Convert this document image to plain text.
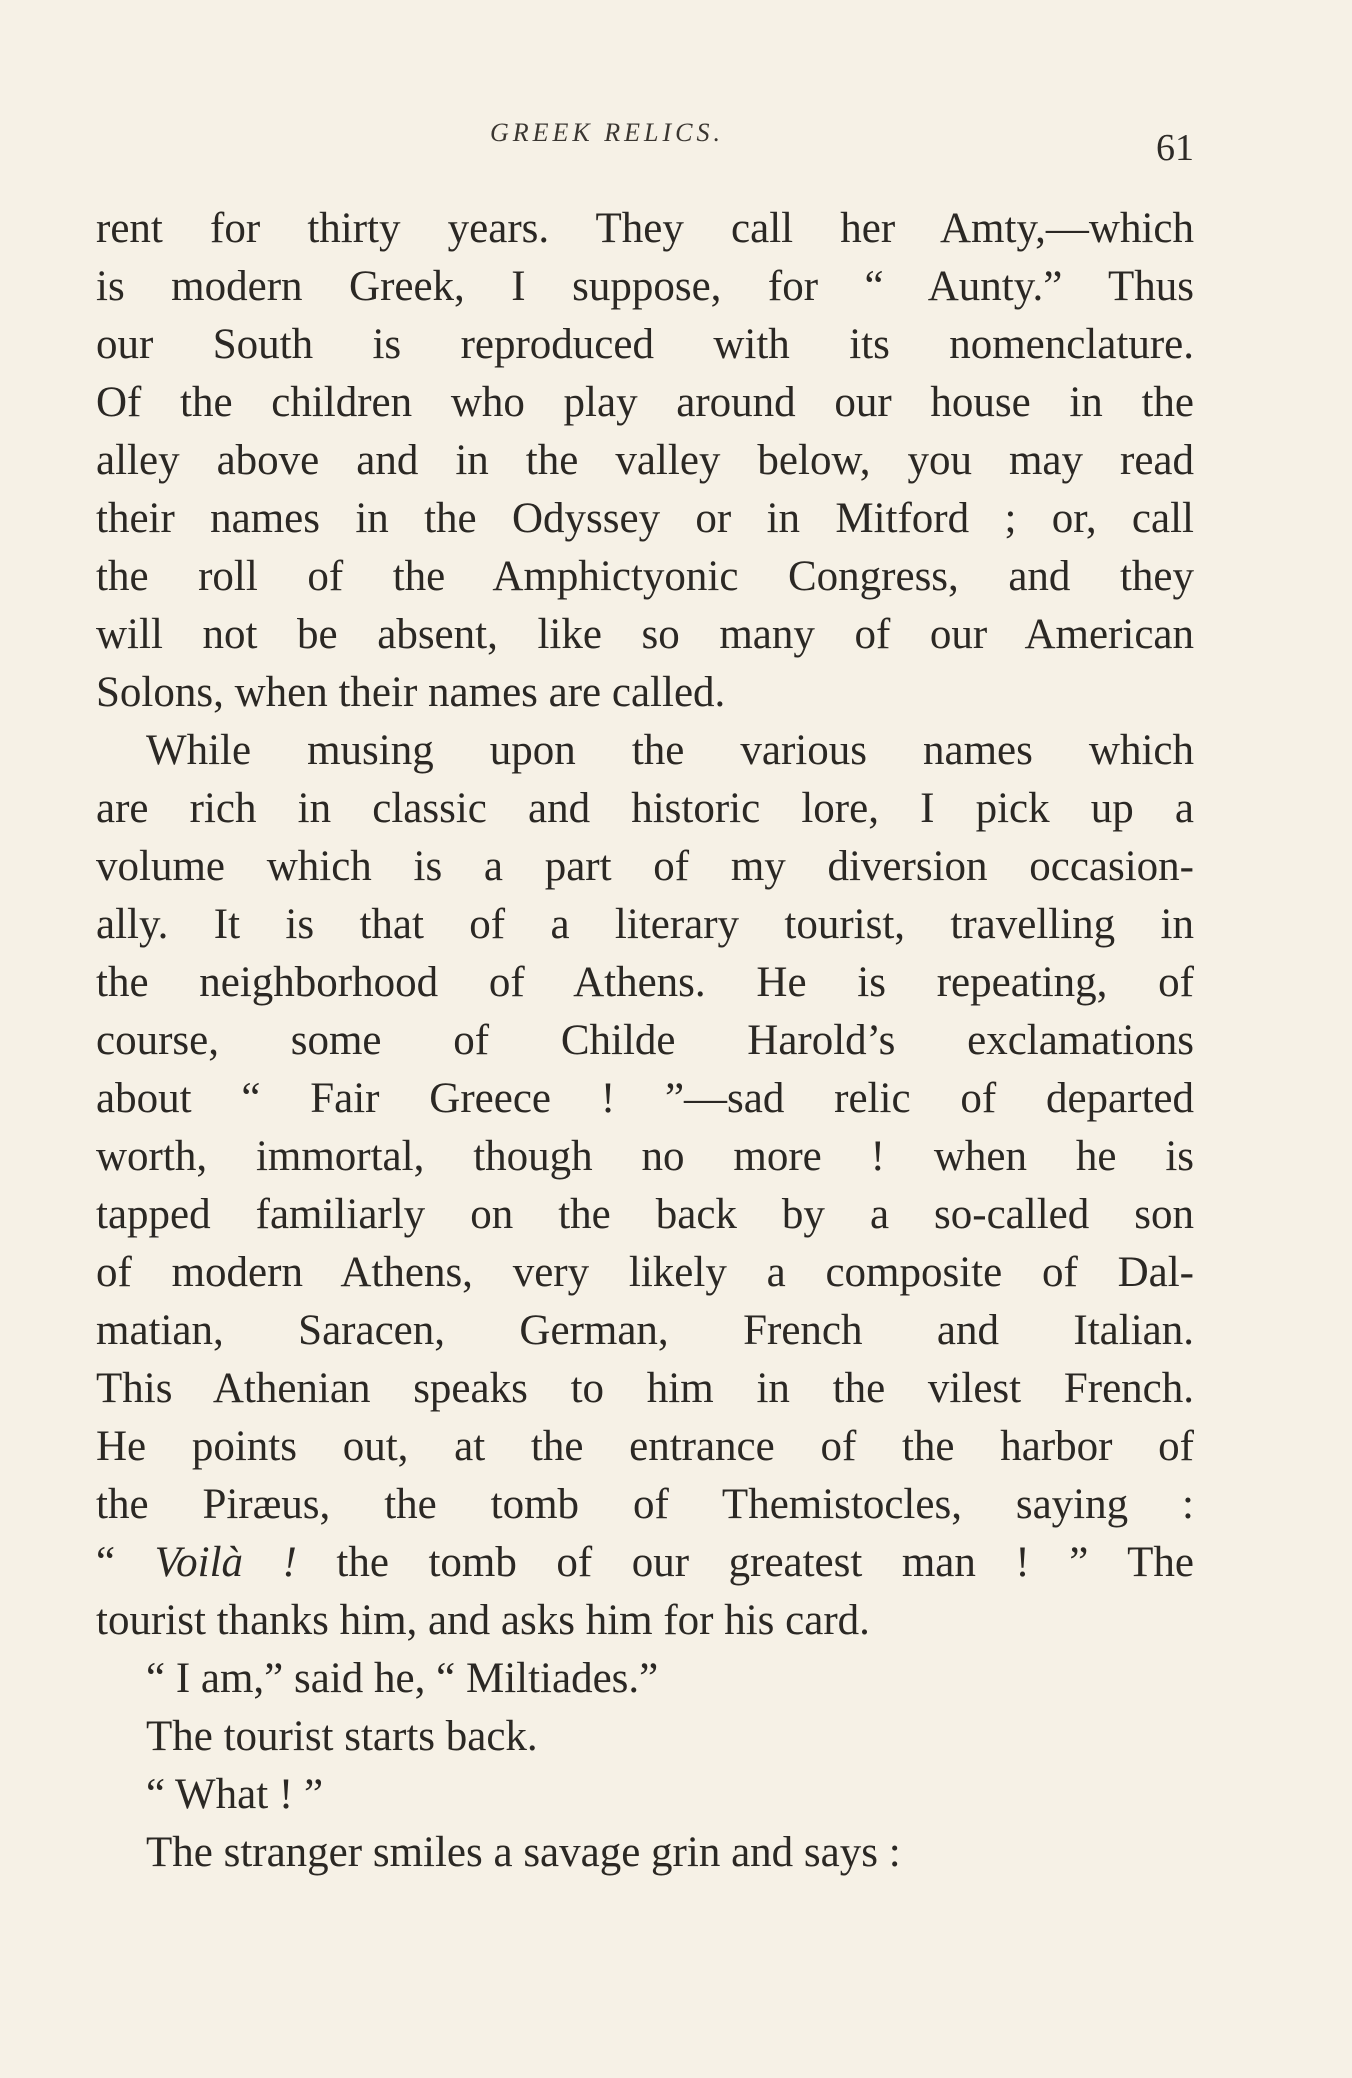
GREEK RELICS.	61
rent for thirty years. They call her Amty,—which
is modern Greek, I suppose, for “ Aunty.” Thus
our South is reproduced with its nomenclature.
Of the children who play around our house in the
alley above and in the valley below, you may read
their names in the Odyssey or in Mitford ; or, call
the roll of the Amphictyonic Congress, and they
will not be absent, like so many of our American
Solons, when their names are called.
While musing upon the various names which
are rich in classic and historic lore, I pick up a
volume which is a part of my diversion occasion-
ally. It is that of a literary tourist, travelling in
the neighborhood of Athens. He is repeating, of
course, some of Childe Harold’s exclamations
about “ Fair Greece ! ”—sad relic of departed
worth, immortal, though no more ! when he is
tapped familiarly on the back by a so-called son
of modern Athens, very likely a composite of Dal-
matian, Saracen, German, French and Italian.
This Athenian speaks to him in the vilest French.
He points out, at the entrance of the harbor of
the Piræus, the tomb of Themistocles, saying :
“ Voilà ! the tomb of our greatest man ! ” The
tourist thanks him, and asks him for his card.
“ I am,” said he, “ Miltiades.”
The tourist starts back.
“ What ! ”
The stranger smiles a savage grin and says :
